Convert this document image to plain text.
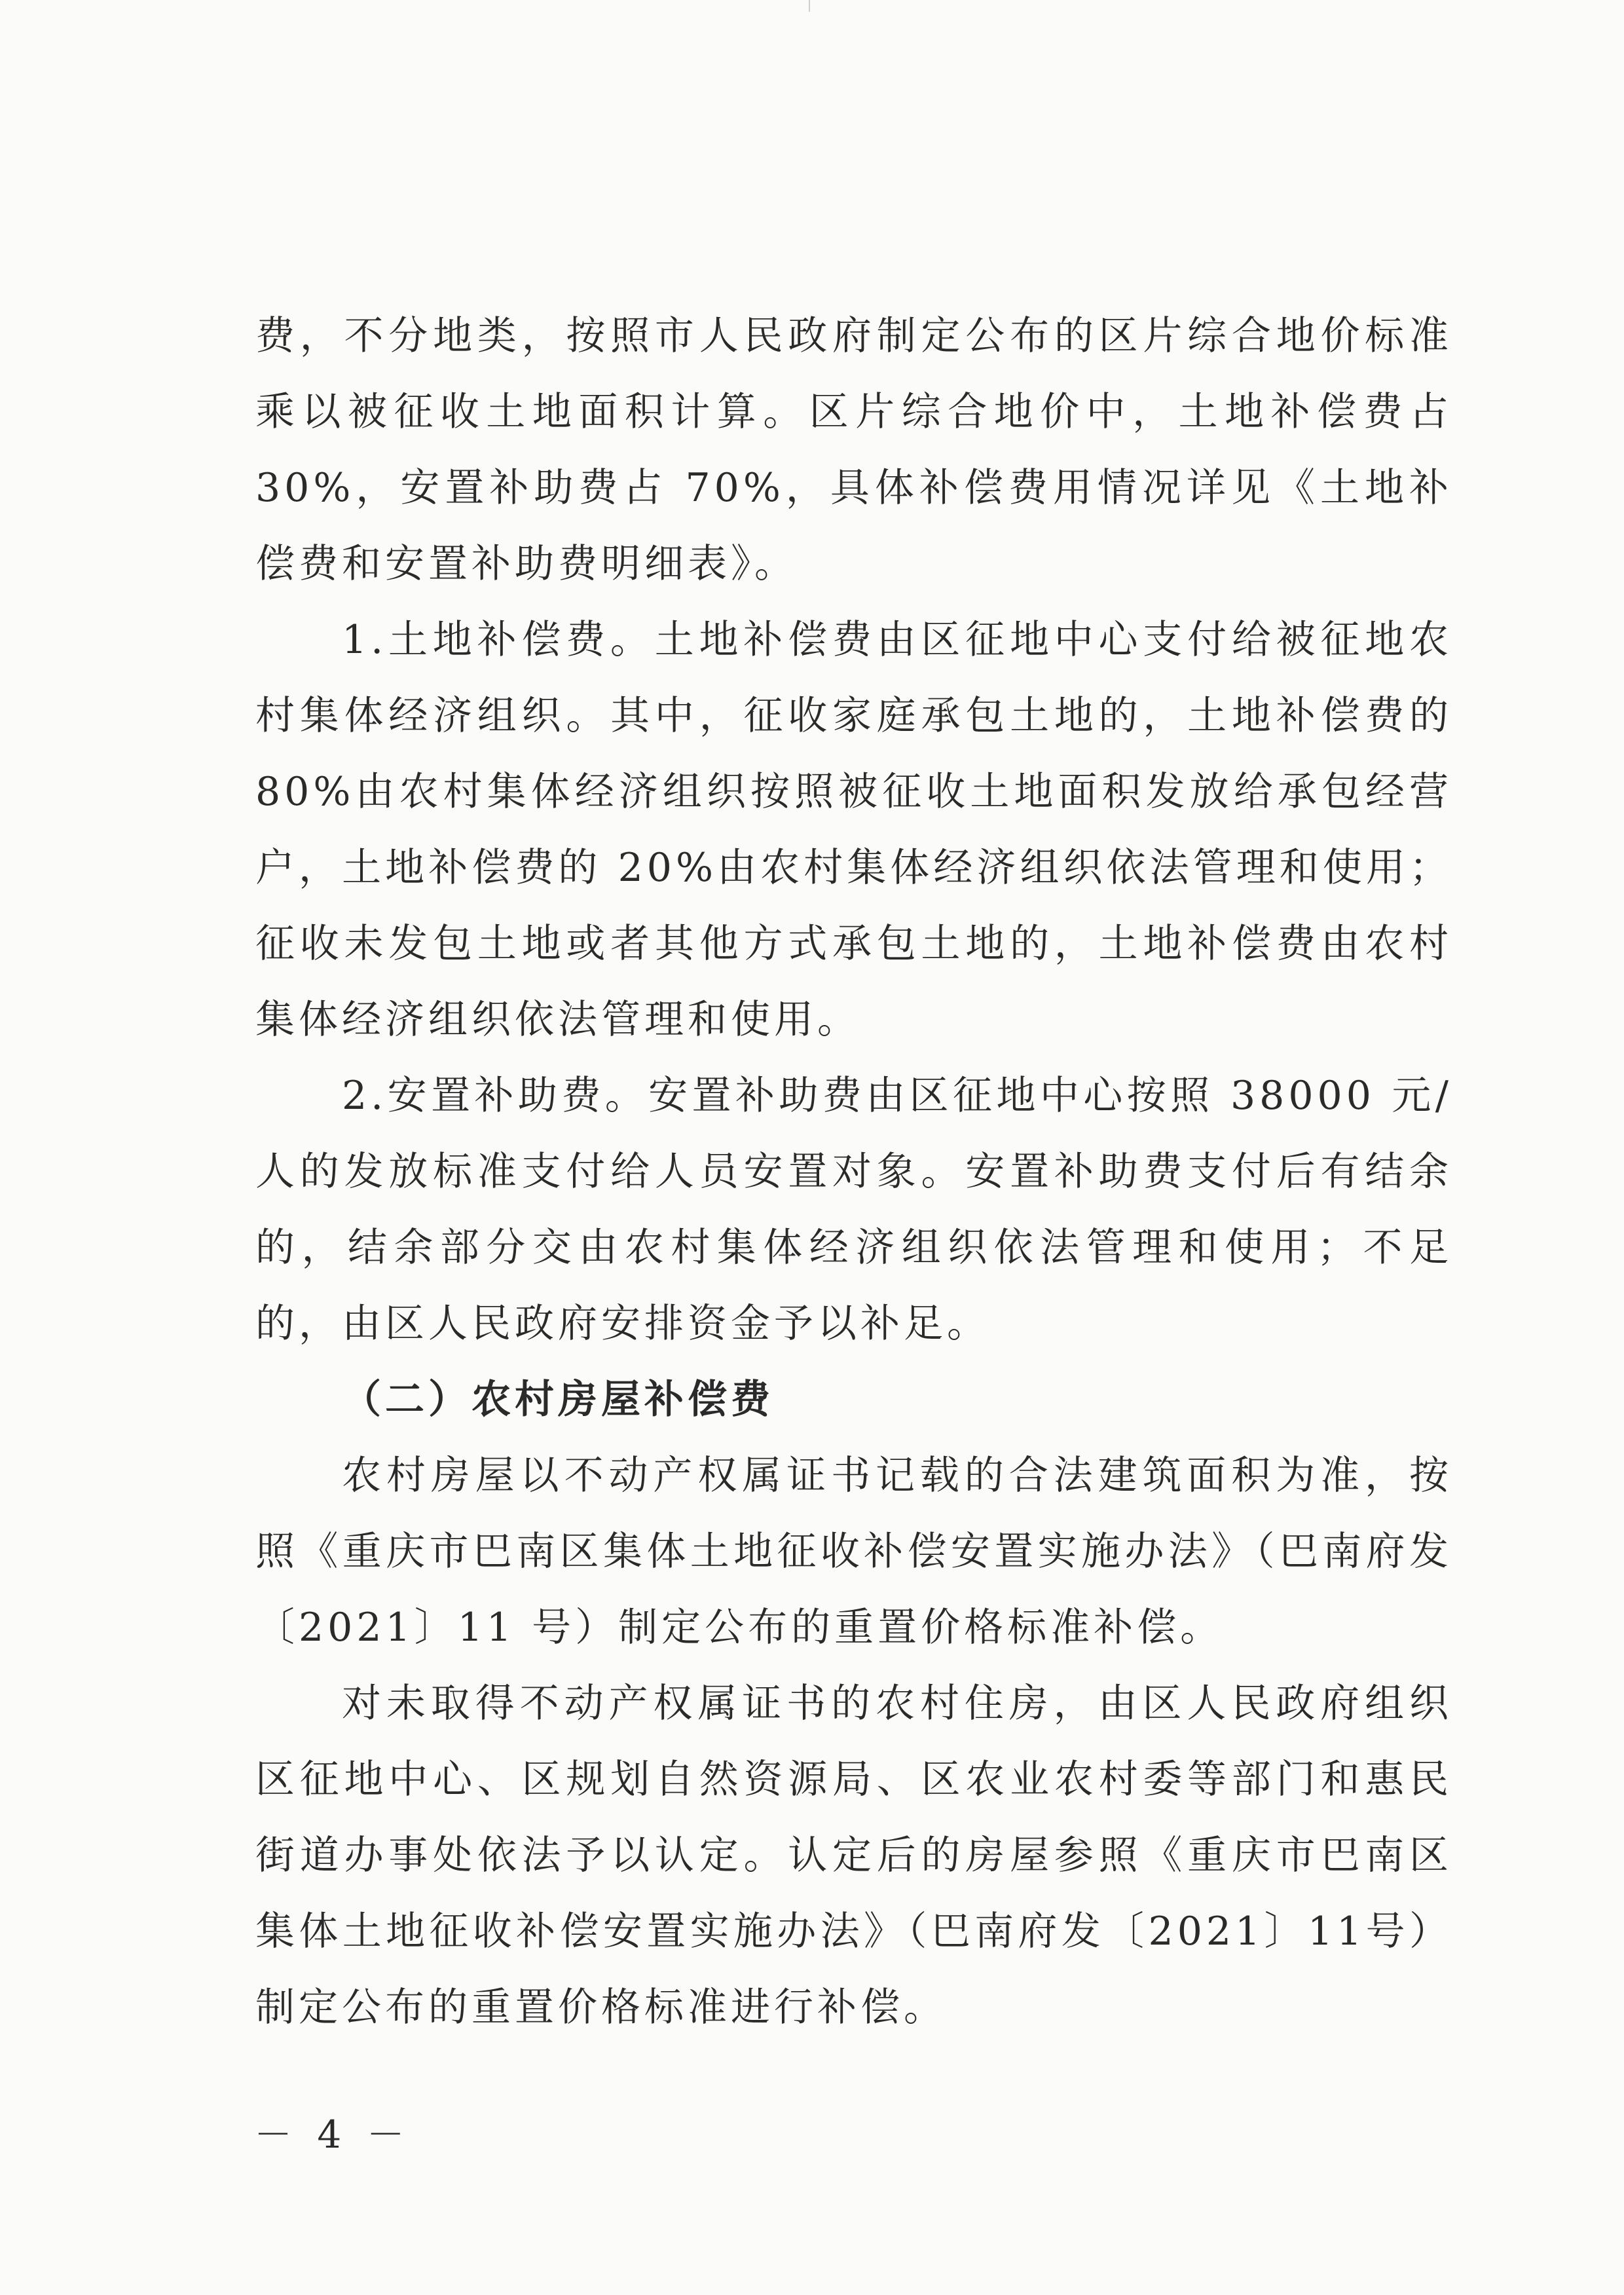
费，不分地类，按照市人民政府制定公布的区片综合地价标准乘以被征收土地面积计算。区片综合地价中，土地补偿费占 30%，安置补助费占 70%，具体补偿费用情况详见《土地补偿费和安置补助费明细表》。

1.土地补偿费。土地补偿费由区征地中心支付给被征地农村集体经济组织。其中，征收家庭承包土地的，土地补偿费的 80%由农村集体经济组织按照被征收土地面积发放给承包经营户，土地补偿费的 20%由农村集体经济组织依法管理和使用；征收未发包土地或者其他方式承包土地的，土地补偿费由农村集体经济组织依法管理和使用。

2.安置补助费。安置补助费由区征地中心按照 38000 元/人的发放标准支付给人员安置对象。安置补助费支付后有结余的，结余部分交由农村集体经济组织依法管理和使用；不足的，由区人民政府安排资金予以补足。

（二）农村房屋补偿费

农村房屋以不动产权属证书记载的合法建筑面积为准，按照《重庆市巴南区集体土地征收补偿安置实施办法》（巴南府发〔2021〕11 号）制定公布的重置价格标准补偿。

对未取得不动产权属证书的农村住房，由区人民政府组织区征地中心、区规划自然资源局、区农业农村委等部门和惠民街道办事处依法予以认定。认定后的房屋参照《重庆市巴南区集体土地征收补偿安置实施办法》（巴南府发〔2021〕11号）制定公布的重置价格标准进行补偿。

－ 4 －
